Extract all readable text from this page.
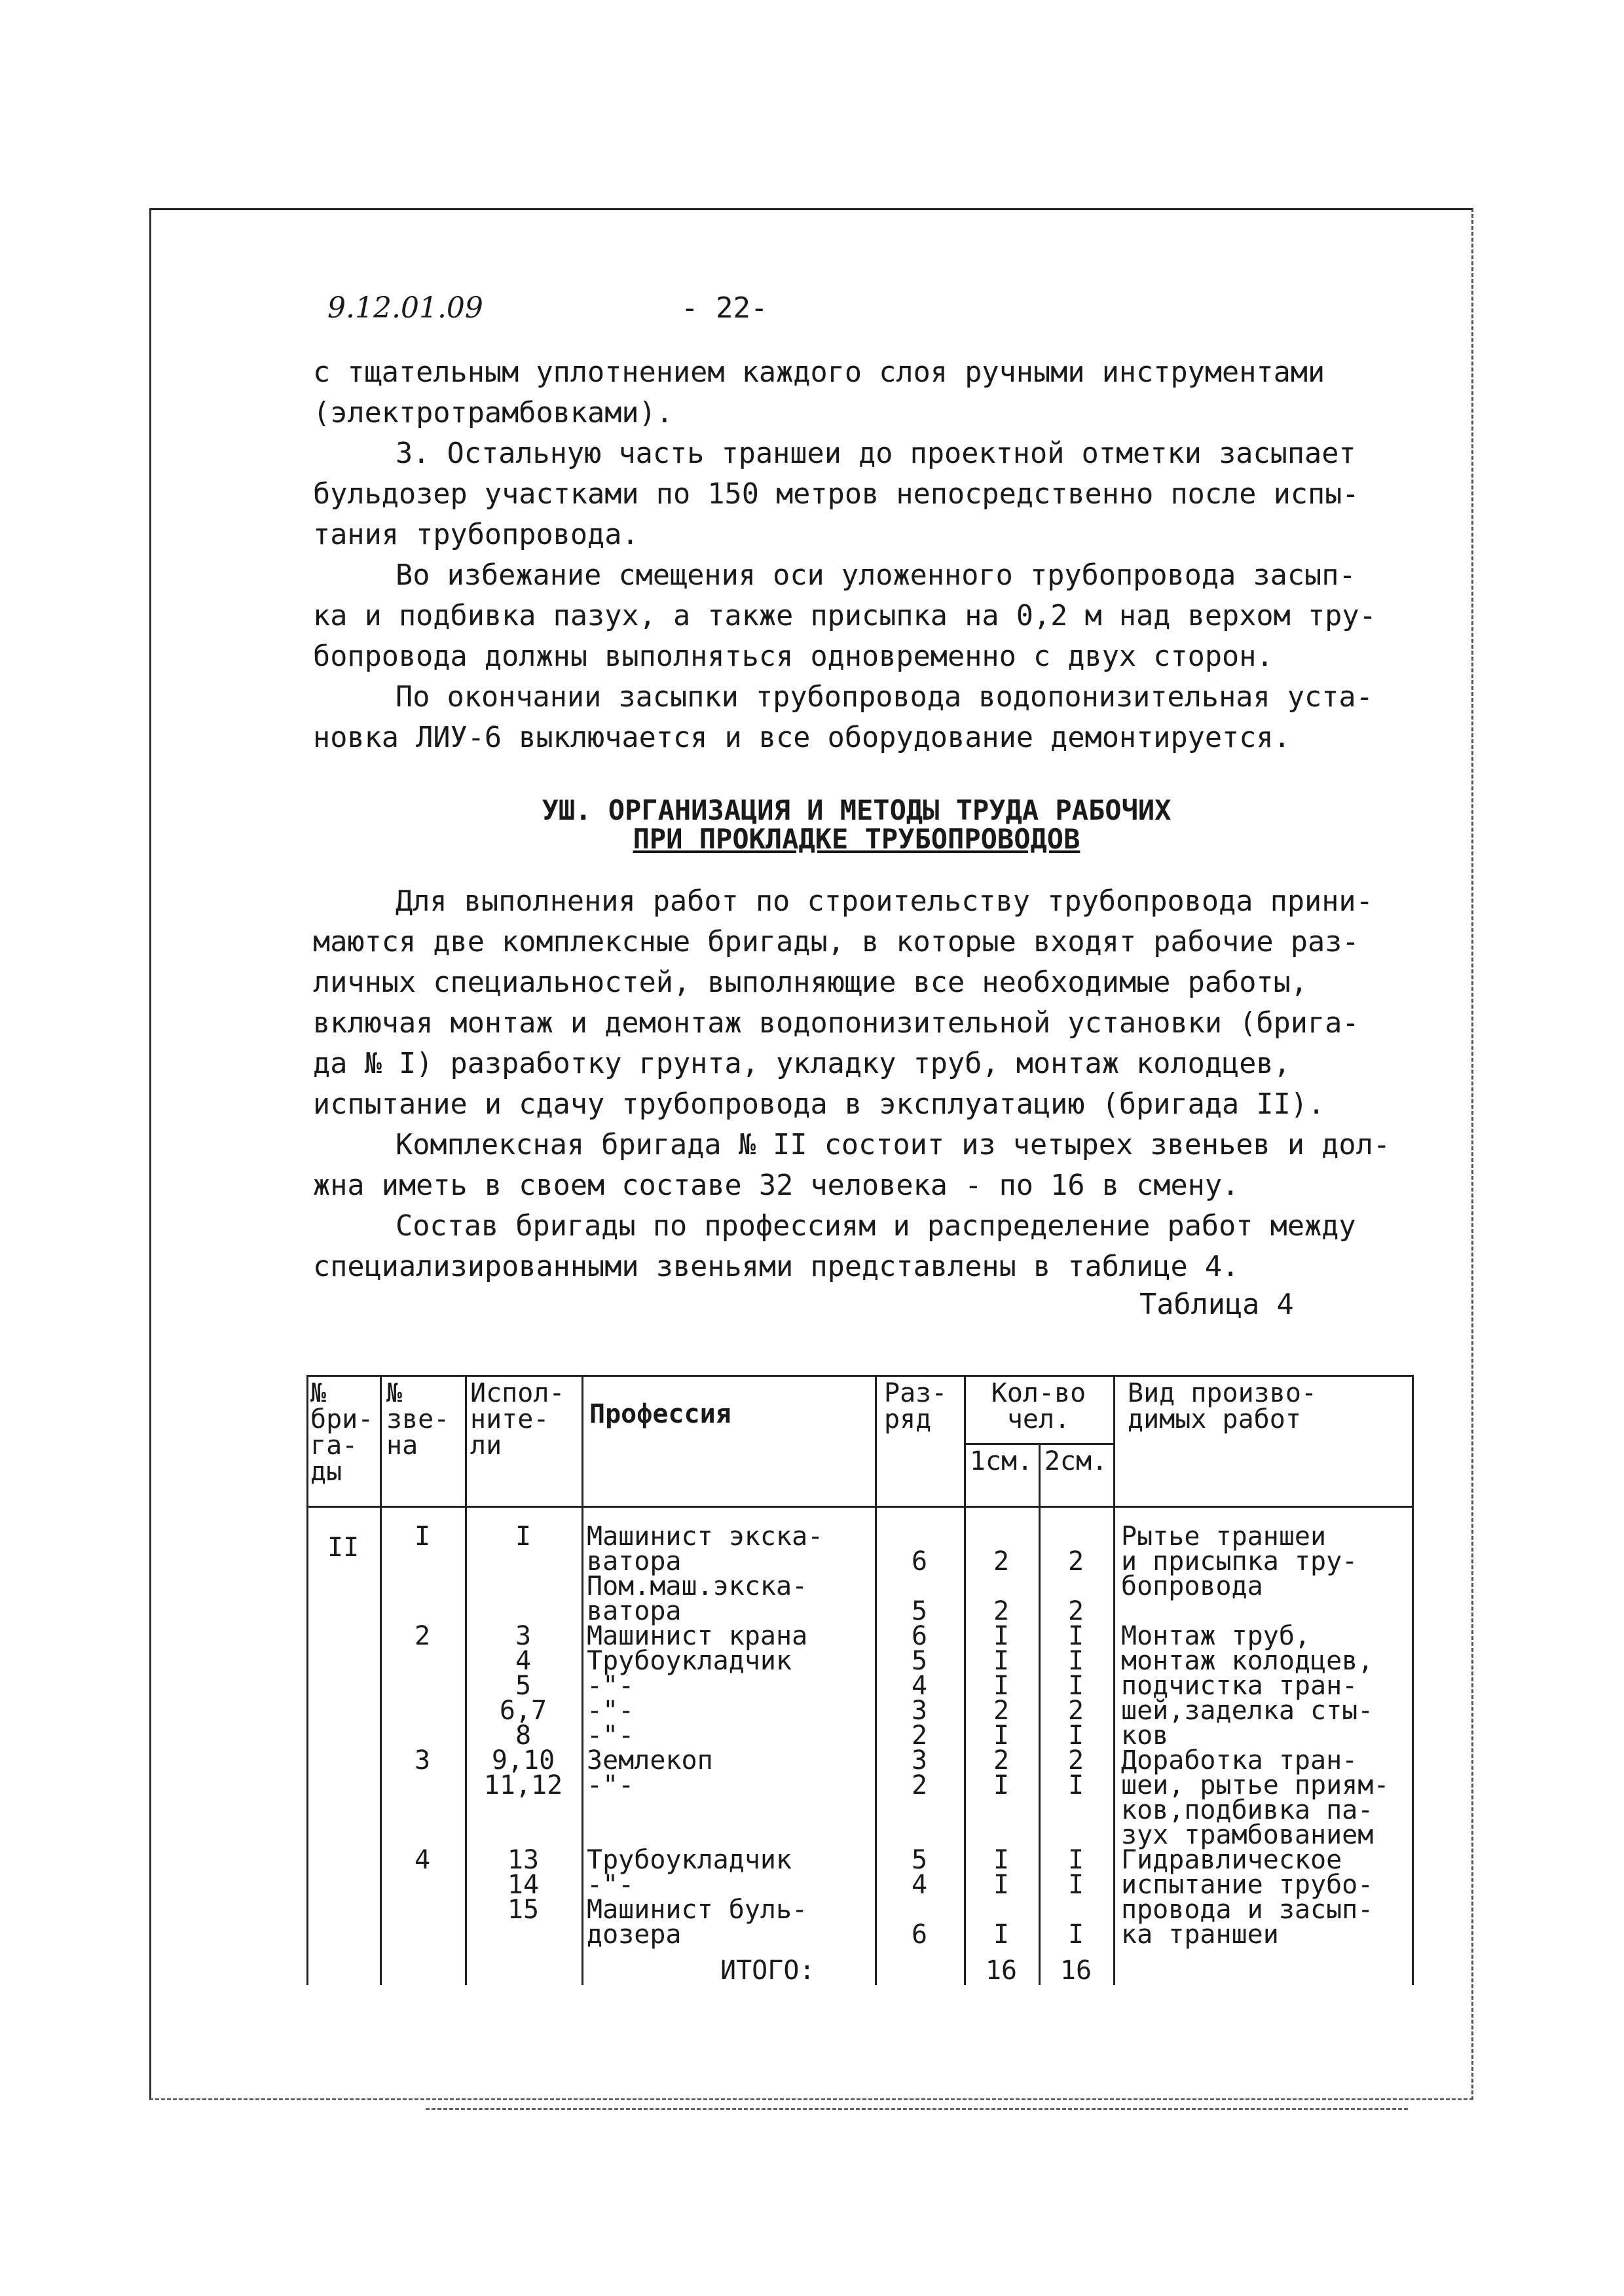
9.12.01.09	- 22-
с тщательным уплотнением каждого слоя ручными инструментами
(электротрамбовками).
3. Остальную часть траншеи до проектной отметки засыпает
бульдозер участками по 150 метров непосредственно после испы-
тания трубопровода.
Во избежание смещения оси уложенного трубопровода засып-
ка и подбивка пазух, а также присыпка на 0,2 м над верхом тру-
бопровода должны выполняться одновременно с двух сторон.
По окончании засыпки трубопровода водопонизительная уста-
новка ЛИУ-6 выключается и все оборудование демонтируется.
УШ. ОРГАНИЗАЦИЯ И МЕТОДЫ ТРУДА РАБОЧИХ
ПРИ ПРОКЛАДКЕ ТРУБОПРОВОДОВ
Для выполнения работ по строительству трубопровода прини-
маются две комплексные бригады, в которые входят рабочие раз-
личных специальностей, выполняющие все необходимые работы,
включая монтаж и демонтаж водопонизительной установки (брига-
да № I) разработку грунта, укладку труб, монтаж колодцев,
испытание и сдачу трубопровода в эксплуатацию (бригада II).
Комплексная бригада № II состоит из четырех звеньев и дол-
жна иметь в своем составе 32 человека - по 16 в смену.
Состав бригады по профессиям и распределение работ между
специализированными звеньями представлены в таблице 4.
Таблица 4
№
бри-
га-
ды
№
зве-
на
Испол-
ните-
ли
Профессия
Раз-
ряд
Кол-во
чел.
1см. 2см.
Вид произво-
димых работ
II	I	I	Машинист экска-	Рытье траншеи
ватора	6	2	2	и присыпка тру-
Пом.маш.экска-	бопровода
ватора	5	2	2
2	3	Машинист крана	6	I	I	Монтаж труб,
4	Трубоукладчик	5	I	I	монтаж колодцев,
5	-"-	4	I	I	подчистка тран-
6,7	-"-	3	2	2	шей,заделка сты-
8	-"-	2	I	I	ков
3	9,10	Землекоп	3	2	2	Доработка тран-
11,12 -"-	2	I	I	шеи, рытье приям-
ков,подбивка па-
зух трамбованием
4	13	Трубоукладчик	5	I	I	Гидравлическое
14	-"-	4	I	I	испытание трубо-
15	Машинист буль-	провода и засып-
дозера	6	I	I	ка траншеи
ИТОГО:	16	16
